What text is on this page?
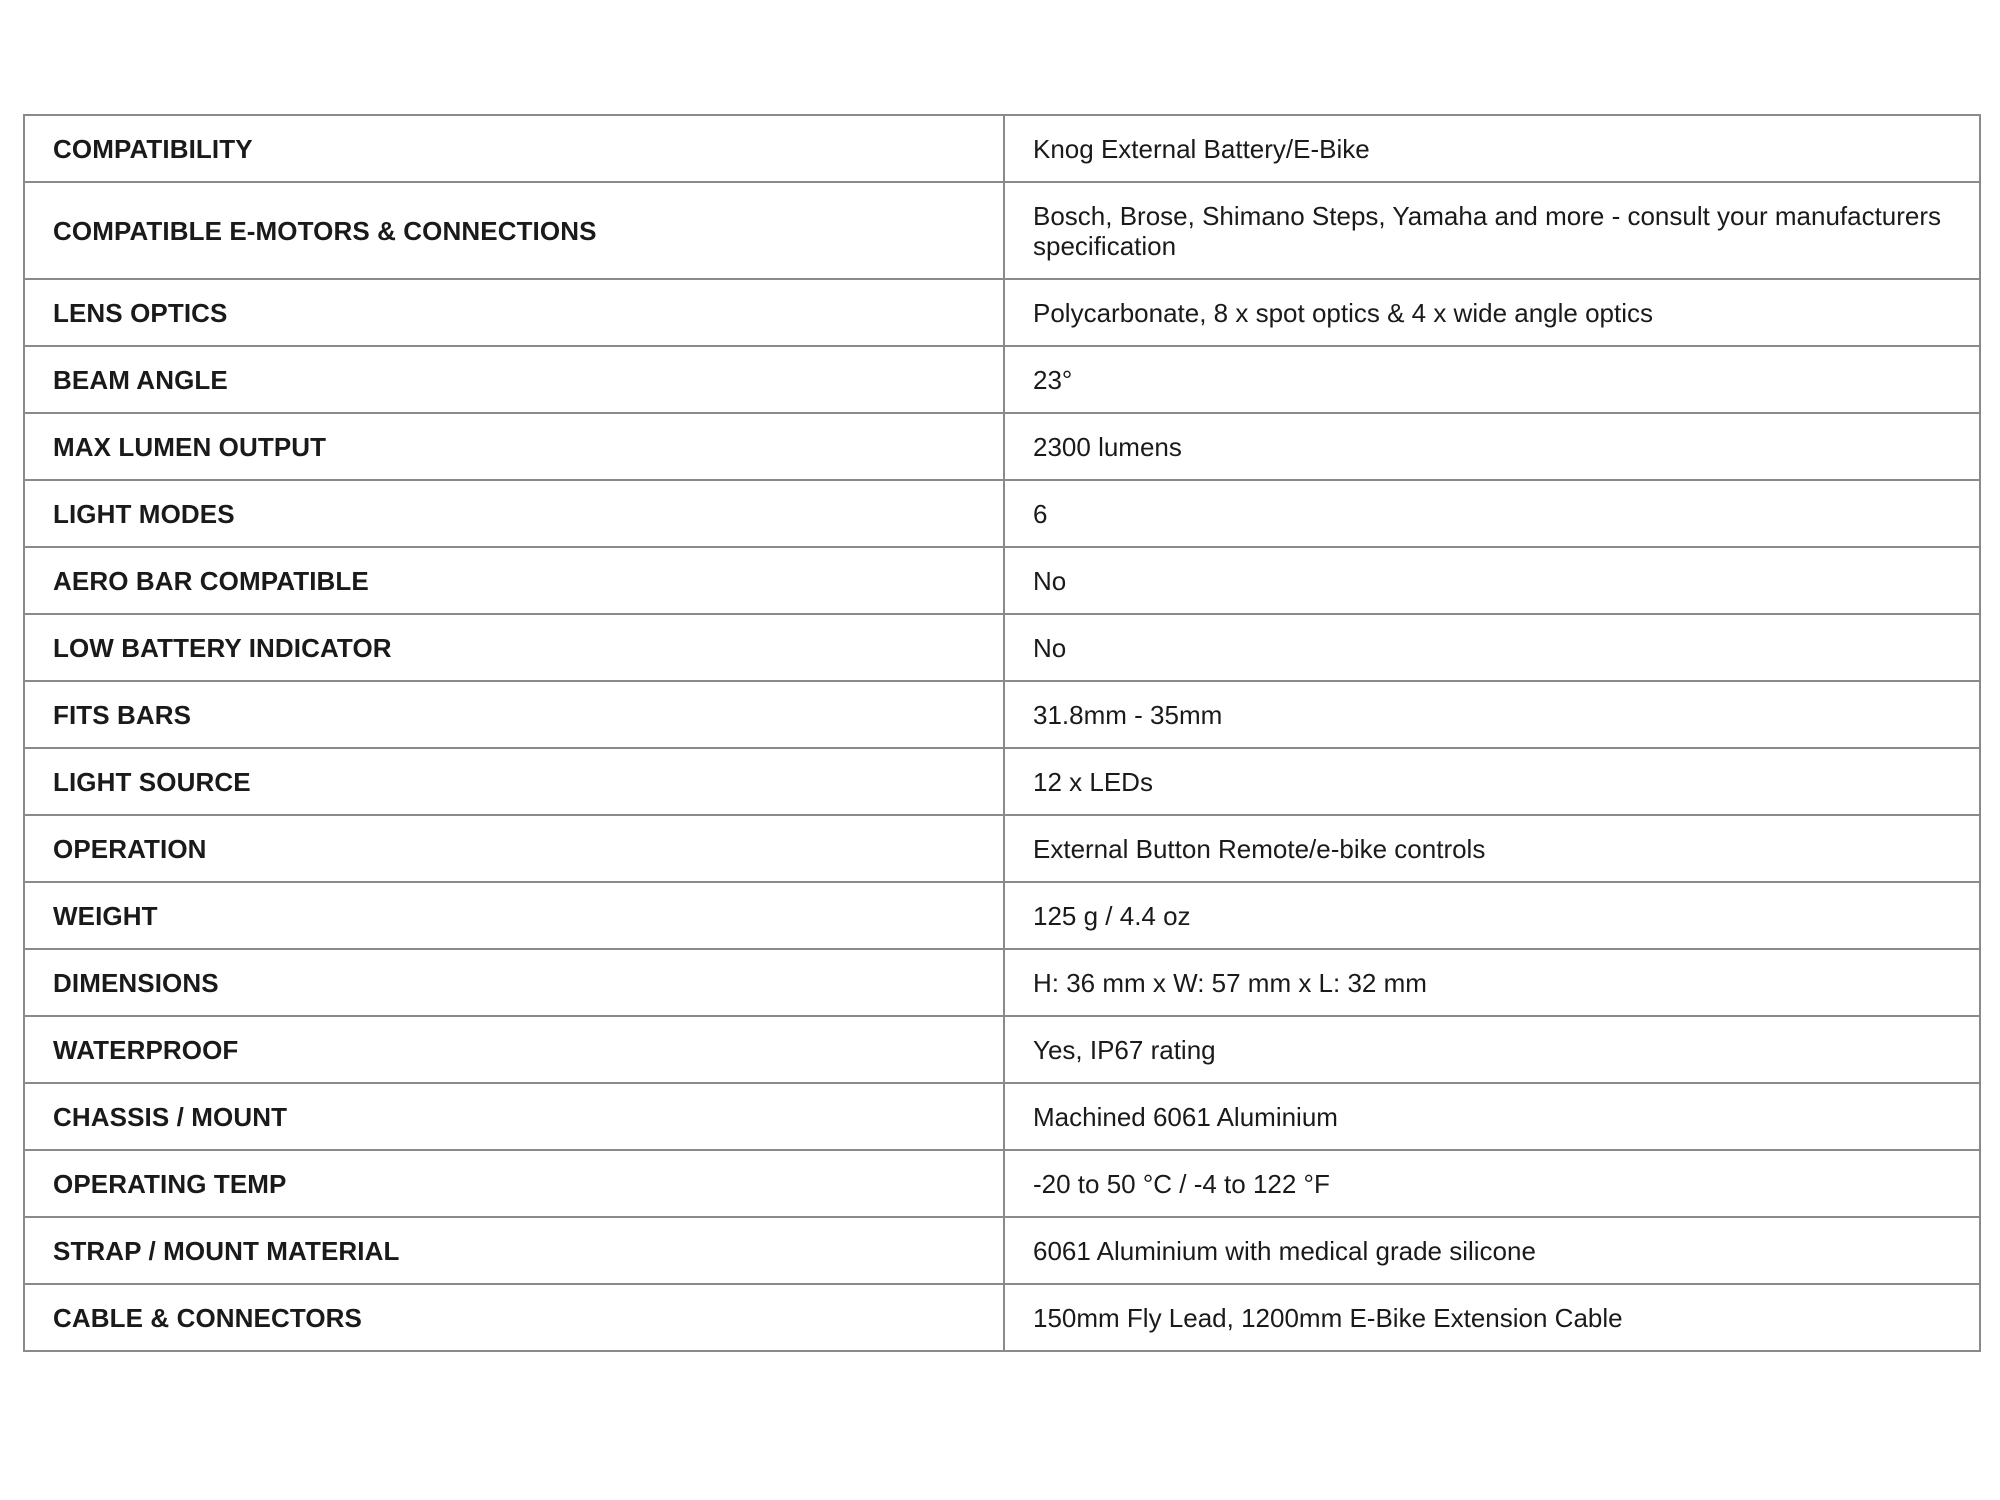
COMPATIBILITY	Knog External Battery/E-Bike
COMPATIBLE E-MOTORS & CONNECTIONS	Bosch, Brose, Shimano Steps, Yamaha and more - consult your manufacturers specification
LENS OPTICS	Polycarbonate, 8 x spot optics & 4 x wide angle optics
BEAM ANGLE	23°
MAX LUMEN OUTPUT	2300 lumens
LIGHT MODES	6
AERO BAR COMPATIBLE	No
LOW BATTERY INDICATOR	No
FITS BARS	31.8mm - 35mm
LIGHT SOURCE	12 x LEDs
OPERATION	External Button Remote/e-bike controls
WEIGHT	125 g / 4.4 oz
DIMENSIONS	H: 36 mm x W: 57 mm x L: 32 mm
WATERPROOF	Yes, IP67 rating
CHASSIS / MOUNT	Machined 6061 Aluminium
OPERATING TEMP	-20 to 50 °C / -4 to 122 °F
STRAP / MOUNT MATERIAL	6061 Aluminium with medical grade silicone
CABLE & CONNECTORS	150mm Fly Lead, 1200mm E-Bike Extension Cable
